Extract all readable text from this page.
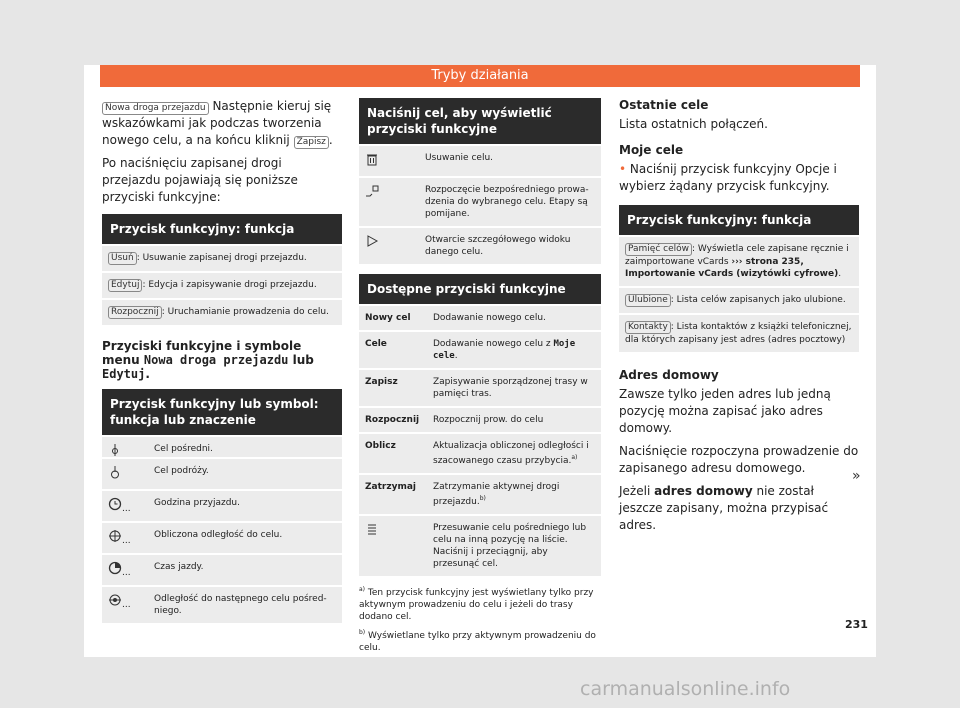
Tryby działania

Nowa droga przejazdu Następnie kieruj się wskazówkami jak podczas tworzenia nowego celu, a na końcu kliknij Zapisz .

Po naciśnięciu zapisanej drogi przejazdu pojawiają się poniższe przyciski funkcyjne:

Przycisk funkcyjny: funkcja
Usuń : Usuwanie zapisanej drogi przejazdu.
Edytuj : Edycja i zapisywanie drogi przejazdu.
Rozpocznij : Uruchamianie prowadzenia do celu.
Przyciski funkcyjne i symbole menu Nowa droga przejazdu lub Edytuj.
Przycisk funkcyjny lub symbol: funkcja lub znaczenie
Cel pośredni.
Cel podróży.
...
Godzina przyjazdu.
...
Obliczona odległość do celu.
...
Czas jazdy.
...
Odległość do następnego celu pośredniego.
Naciśnij cel, aby wyświetlić przyciski funkcyjne
Usuwanie celu.
Rozpoczęcie bezpośredniego prowadzenia do wybranego celu. Etapy są pomijane.
Otwarcie szczegółowego widoku danego celu.
Dostępne przyciski funkcyjne
Nowy cel	Dodawanie nowego celu.
Cele	Dodawanie nowego celu z Moje cele.
Zapisz	Zapisywanie sporządzonej trasy w pamięci tras.
Rozpocznij	Rozpocznij prow. do celu
Oblicz	Aktualizacja obliczonej odległości i szacowanego czasu przybycia.$^{a)}$
Zatrzymaj	Zatrzymanie aktywnej drogi przejazdu.$^{b)}$
Przesuwanie celu pośredniego lub celu na inną pozycję na liście. Naciśnij i przeciągnij, aby przesunąć cel.

$^{a)}$ Ten przycisk funkcyjny jest wyświetlany tylko przy aktywnym prowadzeniu do celu i jeżeli do trasy dodano cel.

$^{b)}$ Wyświetlane tylko przy aktywnym prowadzeniu do celu.

Ostatnie cele

Lista ostatnich połączeń.

Moje cele

• Naciśnij przycisk funkcyjny Opcje i wybierz żądany przycisk funkcyjny.

Przycisk funkcyjny: funkcja
Pamięć celów : Wyświetla cele zapisane ręcznie i zaimportowane vCards ››› strona 235, Importowanie vCards (wizytówki cyfrowe).
Ulubione : Lista celów zapisanych jako ulubione.
Kontakty : Lista kontaktów z książki telefonicznej, dla których zapisany jest adres (adres pocztowy)
Adres domowy

Zawsze tylko jeden adres lub jedną pozycję można zapisać jako adres domowy.

Naciśnięcie rozpoczyna prowadzenie do zapisanego adresu domowego.

Jeżeli adres domowy nie został jeszcze zapisany, można przypisać adres.

»
231
carmanualsonline.info
